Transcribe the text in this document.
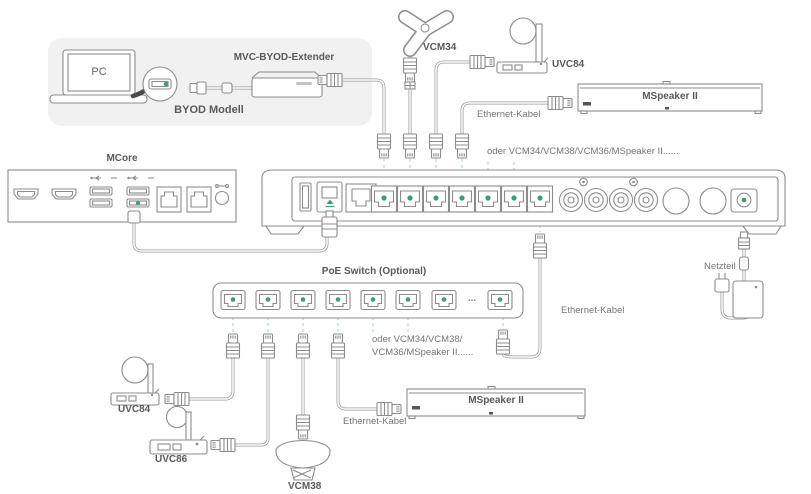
PC
MVC-BYOD-Extender
BYOD Modell
MCore
VCM34
UVC84
MSpeaker II
Ethernet-Kabel
oder VCM34/VCM38/VCM36/MSpeaker II......
PoE Switch (Optional)
...
oder VCM34/VCM38/
VCM36/MSpeaker II......
Ethernet-Kabel
Netzteil
UVC84
UVC86
VCM38
Ethernet-Kabel
MSpeaker II
